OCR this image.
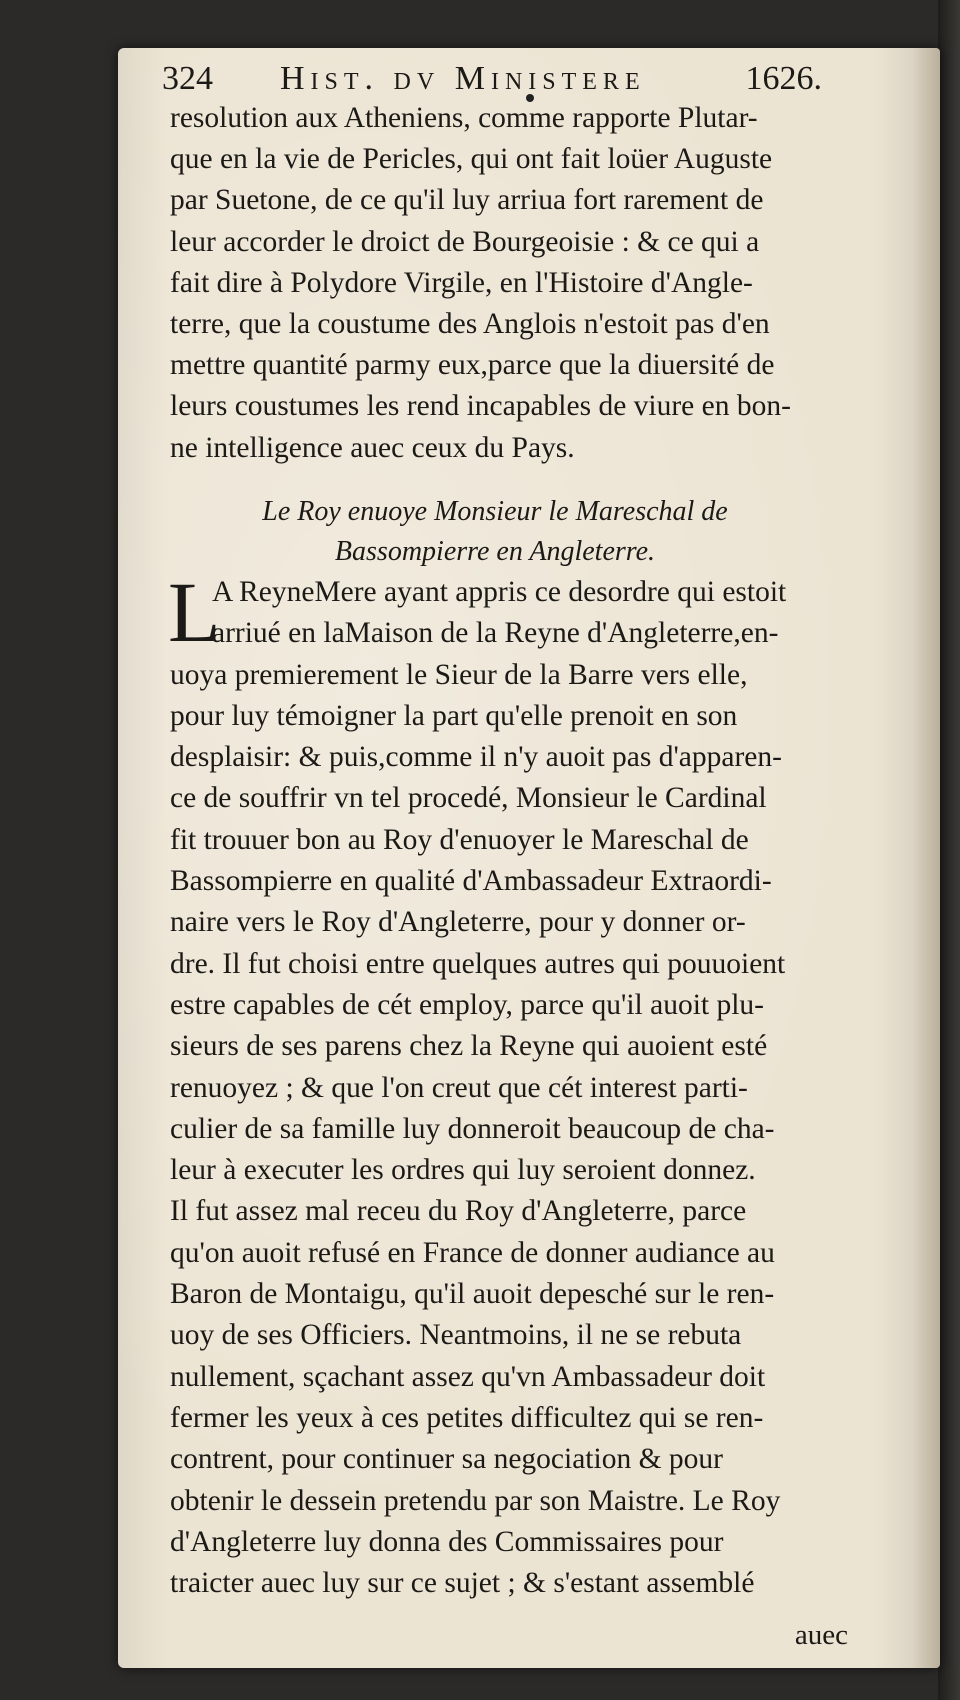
324 Hist. dv Ministere	1626.
resolution aux Atheniens, comme rapporte Plutar-
que en la vie de Pericles, qui ont fait loüer Auguste
par Suetone, de ce qu'il luy arriua fort rarement de
leur accorder le droict de Bourgeoisie : & ce qui a
fait dire à Polydore Virgile, en l'Histoire d'Angle-
terre, que la coustume des Anglois n'estoit pas d'en
mettre quantité parmy eux,parce que la diuersité de
leurs coustumes les rend incapables de viure en bon-
ne intelligence auec ceux du Pays.
Le Roy enuoye Monsieur le Mareschal de
Bassompierre en Angleterre.
L
A ReyneMere ayant appris ce desordre qui estoit
arriué en laMaison de la Reyne d'Angleterre,en-
uoya premierement le Sieur de la Barre vers elle,
pour luy témoigner la part qu'elle prenoit en son
desplaisir: & puis,comme il n'y auoit pas d'apparen-
ce de souffrir vn tel procedé, Monsieur le Cardinal
fit trouuer bon au Roy d'enuoyer le Mareschal de
Bassompierre en qualité d'Ambassadeur Extraordi-
naire vers le Roy d'Angleterre, pour y donner or-
dre. Il fut choisi entre quelques autres qui pouuoient
estre capables de cét employ, parce qu'il auoit plu-
sieurs de ses parens chez la Reyne qui auoient esté
renuoyez ; & que l'on creut que cét interest parti-
culier de sa famille luy donneroit beaucoup de cha-
leur à executer les ordres qui luy seroient donnez.
Il fut assez mal receu du Roy d'Angleterre, parce
qu'on auoit refusé en France de donner audiance au
Baron de Montaigu, qu'il auoit depesché sur le ren-
uoy de ses Officiers. Neantmoins, il ne se rebuta
nullement, sçachant assez qu'vn Ambassadeur doit
fermer les yeux à ces petites difficultez qui se ren-
contrent, pour continuer sa negociation & pour
obtenir le dessein pretendu par son Maistre. Le Roy
d'Angleterre luy donna des Commissaires pour
traicter auec luy sur ce sujet ; & s'estant assemblé
auec
